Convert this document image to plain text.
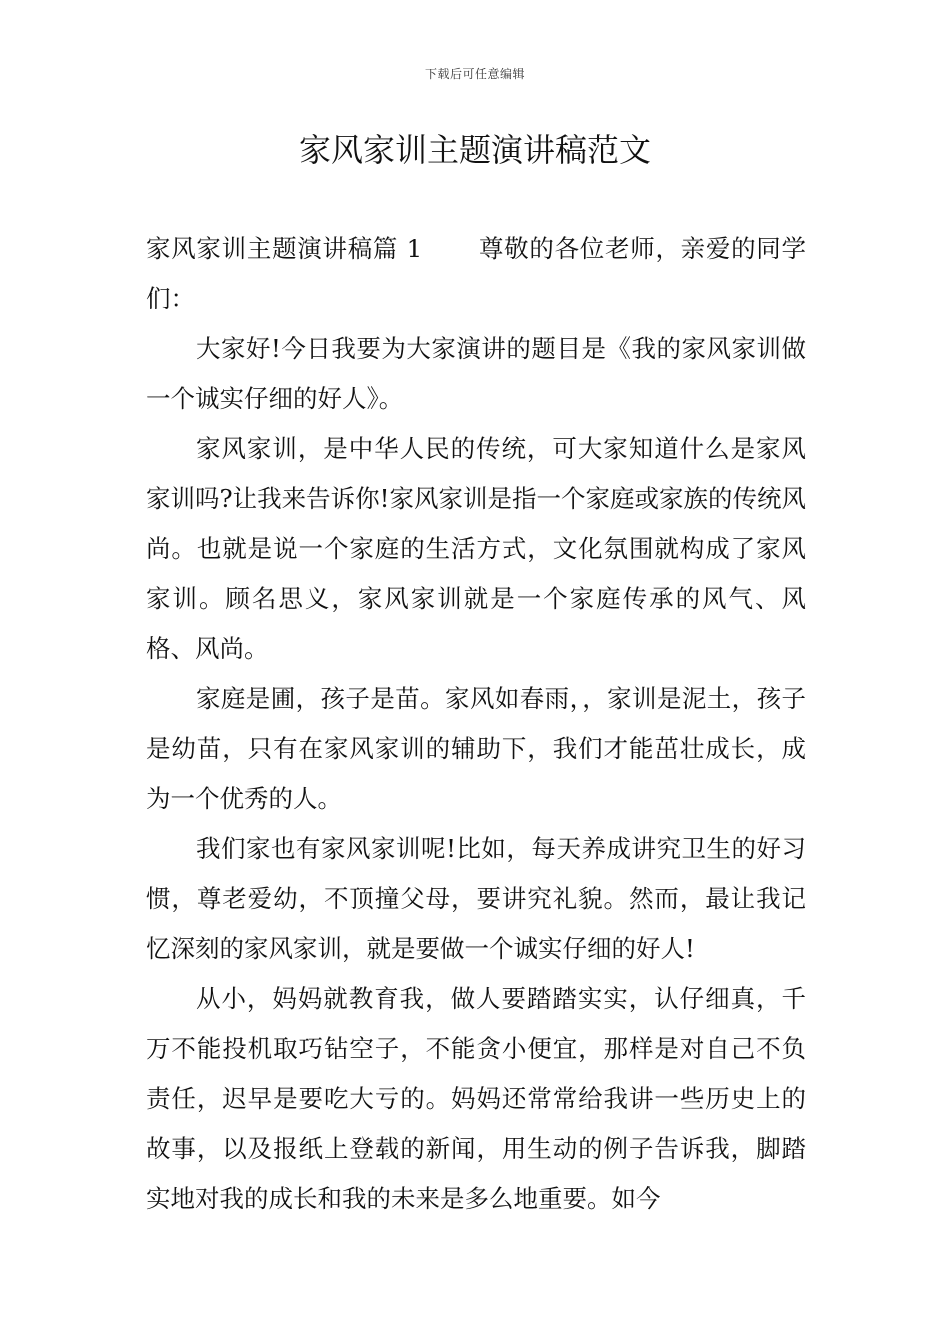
下载后可任意编辑
家风家训主题演讲稿范文

家风家训主题演讲稿篇 1 尊敬的各位老师，亲爱的同学们：

大家好!今日我要为大家演讲的题目是《我的家风家训做一个诚实仔细的好人》。

家风家训，是中华人民的传统，可大家知道什么是家风家训吗?让我来告诉你!家风家训是指一个家庭或家族的传统风尚。也就是说一个家庭的生活方式，文化氛围就构成了家风家训。顾名思义，家风家训就是一个家庭传承的风气、风格、风尚。

家庭是圃，孩子是苗。家风如春雨，，家训是泥土，孩子是幼苗，只有在家风家训的辅助下，我们才能茁壮成长，成为一个优秀的人。

我们家也有家风家训呢!比如，每天养成讲究卫生的好习惯，尊老爱幼，不顶撞父母，要讲究礼貌。然而，最让我记忆深刻的家风家训，就是要做一个诚实仔细的好人!

从小，妈妈就教育我，做人要踏踏实实，认仔细真，千万不能投机取巧钻空子，不能贪小便宜，那样是对自己不负责任，迟早是要吃大亏的。妈妈还常常给我讲一些历史上的故事，以及报纸上登载的新闻，用生动的例子告诉我，脚踏实地对我的成长和我的未来是多么地重要。如今
